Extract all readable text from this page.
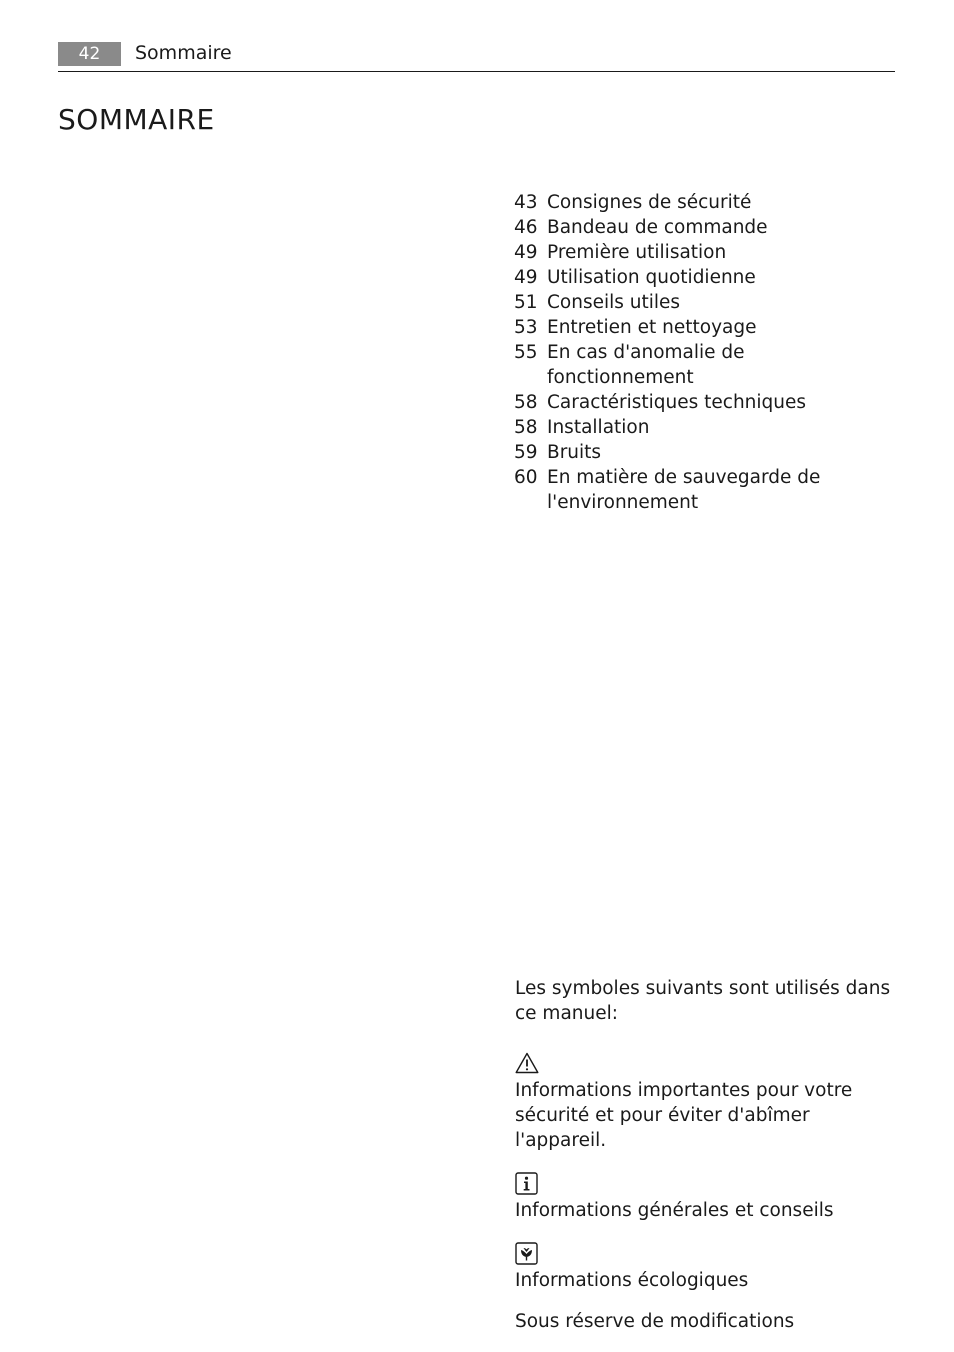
42	Sommaire
SOMMAIRE
43 Consignes de sécurité
46 Bandeau de commande
49 Première utilisation
49 Utilisation quotidienne
51 Conseils utiles
53 Entretien et nettoyage
55 En cas d'anomalie de
fonctionnement
58 Caractéristiques techniques
58 Installation
59 Bruits
60 En matière de sauvegarde de
l'environnement

Les symboles suivants sont utilisés dans ce manuel:

Informations importantes pour votre sécurité et pour éviter d'abîmer l'appareil.

Informations générales et conseils

Informations écologiques

Sous réserve de modifications
